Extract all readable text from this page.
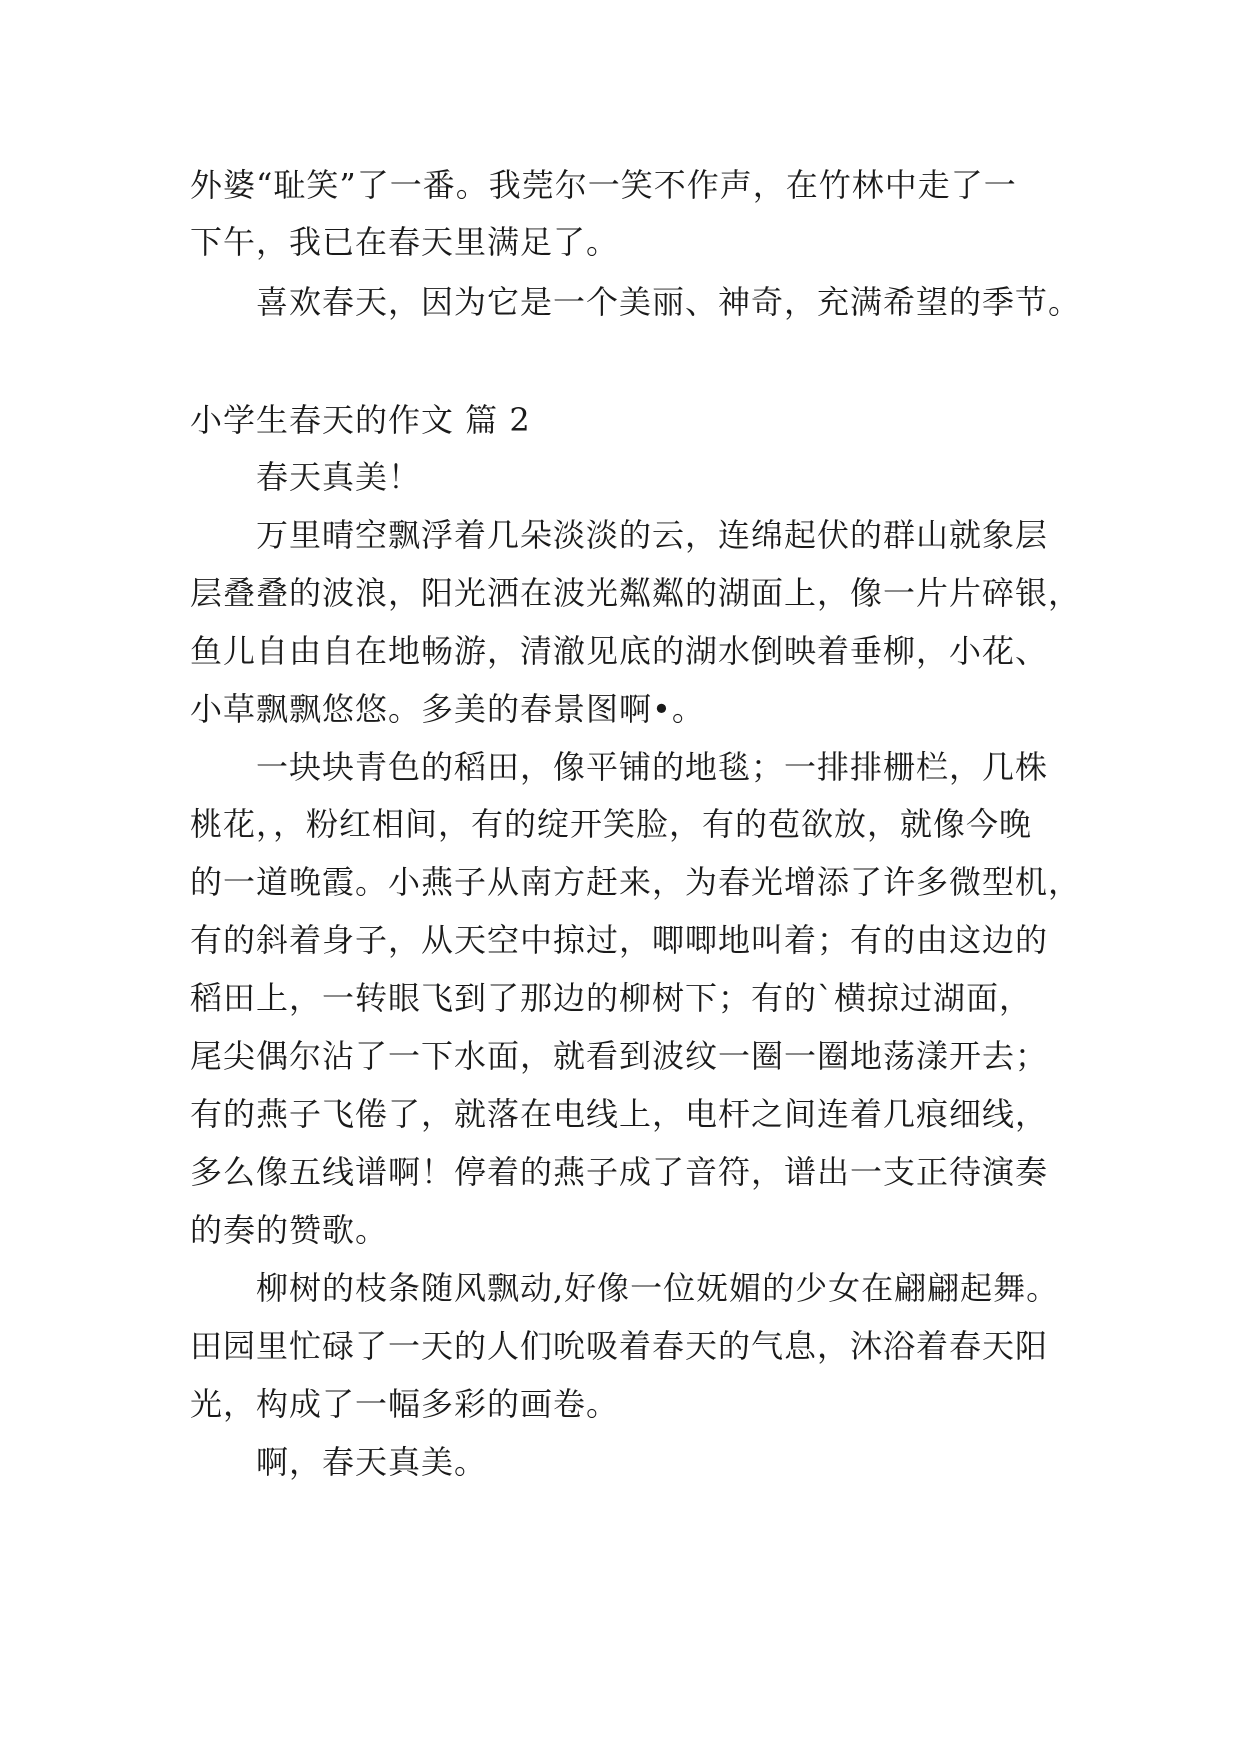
外婆“耻笑”了一番。我莞尔一笑不作声，在竹林中走了一
下午，我已在春天里满足了。
喜欢春天，因为它是一个美丽、神奇，充满希望的季节。
小学生春天的作文 篇 2
春天真美！
万里晴空飘浮着几朵淡淡的云，连绵起伏的群山就象层
层叠叠的波浪，阳光洒在波光粼粼的湖面上，像一片片碎银，
鱼儿自由自在地畅游，清澈见底的湖水倒映着垂柳，小花、
小草飘飘悠悠。多美的春景图啊•。
一块块青色的稻田，像平铺的地毯；一排排栅栏，几株
桃花，，粉红相间，有的绽开笑脸，有的苞欲放，就像今晚
的一道晚霞。小燕子从南方赶来，为春光增添了许多微型机，
有的斜着身子，从天空中掠过，唧唧地叫着；有的由这边的
稻田上，一转眼飞到了那边的柳树下；有的`横掠过湖面，
尾尖偶尔沾了一下水面，就看到波纹一圈一圈地荡漾开去；
有的燕子飞倦了，就落在电线上，电杆之间连着几痕细线，
多么像五线谱啊！停着的燕子成了音符，谱出一支正待演奏
的奏的赞歌。
柳树的枝条随风飘动,好像一位妩媚的少女在翩翩起舞。
田园里忙碌了一天的人们吮吸着春天的气息，沐浴着春天阳
光，构成了一幅多彩的画卷。
啊，春天真美。
